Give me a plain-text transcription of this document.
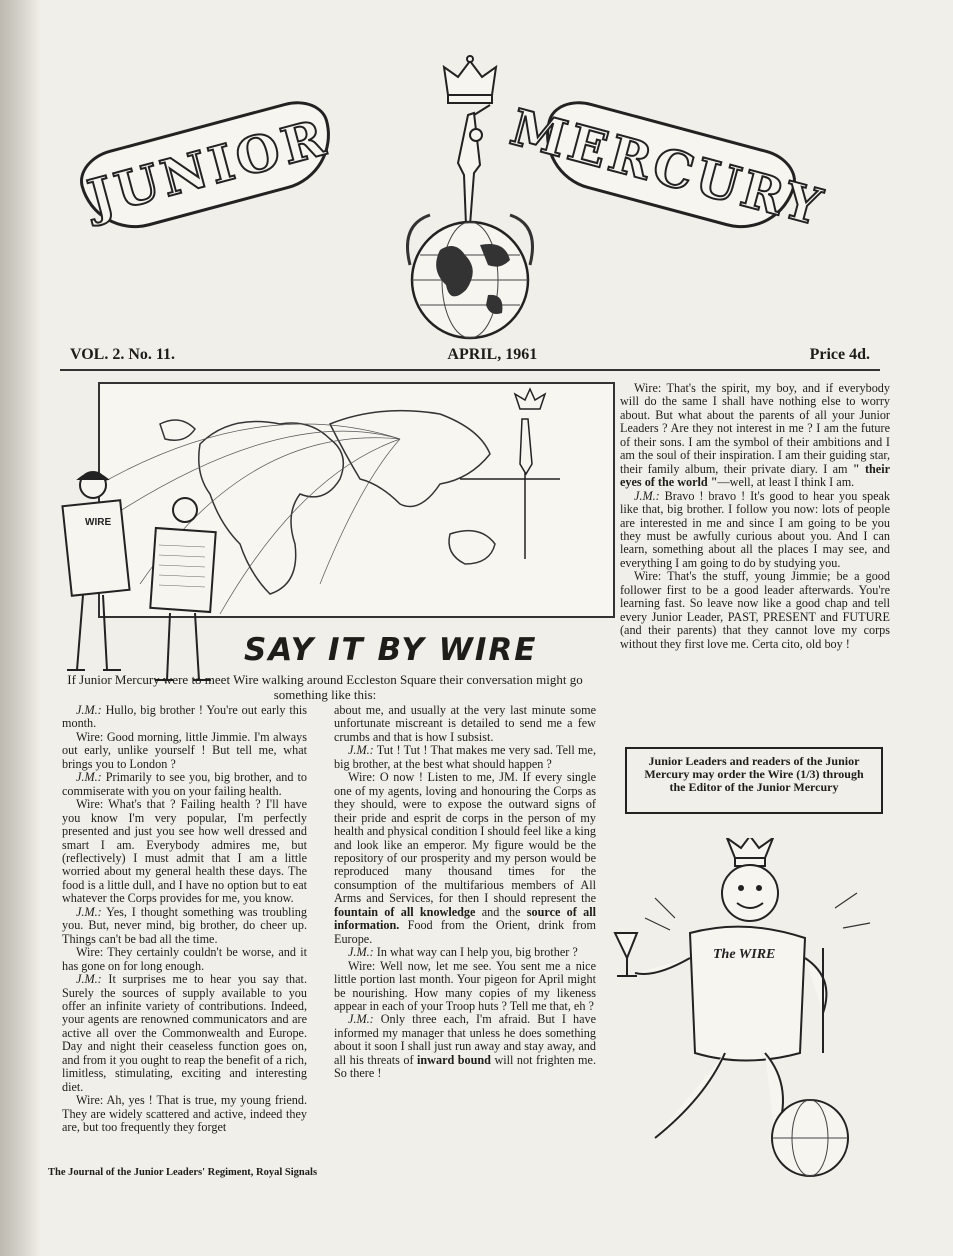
JUNIOR	MERCURY
VOL. 2. No. 11.	APRIL, 1961	Price 4d.
WIRE
SAY IT BY WIRE
If Junior Mercury were to meet Wire walking around Eccleston Square their conversation might go something like this:

J.M.: Hullo, big brother ! You're out early this month.

Wire: Good morning, little Jimmie. I'm always out early, unlike yourself ! But tell me, what brings you to London ?

J.M.: Primarily to see you, big brother, and to commiserate with you on your failing health.

Wire: What's that ? Failing health ? I'll have you know I'm very popular, I'm perfectly presented and just you see how well dressed and smart I am. Everybody admires me, but (reflectively) I must admit that I am a little worried about my general health these days. The food is a little dull, and I have no option but to eat whatever the Corps provides for me, you know.

J.M.: Yes, I thought something was troubling you. But, never mind, big brother, do cheer up. Things can't be bad all the time.

Wire: They certainly couldn't be worse, and it has gone on for long enough.

J.M.: It surprises me to hear you say that. Surely the sources of supply available to you offer an infinite variety of contributions. Indeed, your agents are renowned communicators and are active all over the Commonwealth and Europe. Day and night their ceaseless function goes on, and from it you ought to reap the benefit of a rich, limitless, stimulating, exciting and interesting diet.

Wire: Ah, yes ! That is true, my young friend. They are widely scattered and active, indeed they are, but too frequently they forget

about me, and usually at the very last minute some unfortunate miscreant is detailed to send me a few crumbs and that is how I subsist.

J.M.: Tut ! Tut ! That makes me very sad. Tell me, big brother, at the best what should happen ?

Wire: O now ! Listen to me, JM. If every single one of my agents, loving and honouring the Corps as they should, were to expose the outward signs of their pride and esprit de corps in the person of my health and physical condition I should feel like a king and look like an emperor. My figure would be the repository of our prosperity and my person would be reproduced many thousand times for the consumption of the multifarious members of All Arms and Services, for then I should represent the fountain of all knowledge and the source of all information. Food from the Orient, drink from Europe.

J.M.: In what way can I help you, big brother ?

Wire: Well now, let me see. You sent me a nice little portion last month. Your pigeon for April might be nourishing. How many copies of my likeness appear in each of your Troop huts ? Tell me that, eh ?

J.M.: Only three each, I'm afraid. But I have informed my manager that unless he does something about it soon I shall just run away and stay away, and all his threats of inward bound will not frighten me. So there !

Wire: That's the spirit, my boy, and if everybody will do the same I shall have nothing else to worry about. But what about the parents of all your Junior Leaders ? Are they not interest in me ? I am the future of their sons. I am the symbol of their ambitions and I am the soul of their inspiration. I am their guiding star, their family album, their private diary. I am " their eyes of the world "—well, at least I think I am.

J.M.: Bravo ! bravo ! It's good to hear you speak like that, big brother. I follow you now: lots of people are interested in me and since I am going to be you they must be awfully curious about you. And I can learn, something about all the places I may see, and everything I am going to do by studying you.

Wire: That's the stuff, young Jimmie; be a good follower first to be a good leader afterwards. You're learning fast. So leave now like a good chap and tell every Junior Leader, PAST, PRESENT and FUTURE (and their parents) that they cannot love my corps without they first love me. Certa cito, old boy !

Junior Leaders and readers of the Junior Mercury may order the Wire (1/3) through the Editor of the Junior Mercury
The WIRE
The Journal of the Junior Leaders' Regiment, Royal Signals
